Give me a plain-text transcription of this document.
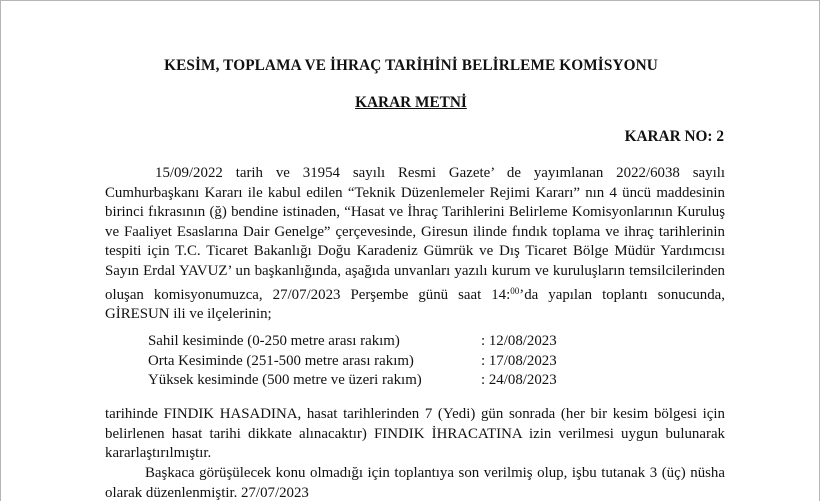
KESİM, TOPLAMA VE İHRAÇ TARİHİNİ BELİRLEME KOMİSYONU
KARAR METNİ
KARAR NO: 2
15/09/2022 tarih ve 31954 sayılı Resmi Gazete’ de yayımlanan 2022/6038 sayılı Cumhurbaşkanı Kararı ile kabul edilen “Teknik Düzenlemeler Rejimi Kararı” nın 4 üncü maddesinin birinci fıkrasının (ğ) bendine istinaden, “Hasat ve İhraç Tarihlerini Belirleme Komisyonlarının Kuruluş ve Faaliyet Esaslarına Dair Genelge” çerçevesinde, Giresun ilinde fındık toplama ve ihraç tarihlerinin tespiti için T.C. Ticaret Bakanlığı Doğu Karadeniz Gümrük ve Dış Ticaret Bölge Müdür Yardımcısı Sayın Erdal YAVUZ’ un başkanlığında, aşağıda unvanları yazılı kurum ve kuruluşların temsilcilerinden oluşan komisyonumuzca, 27/07/2023 Perşembe günü saat 14:$^{00}$’da yapılan toplantı sonucunda, GİRESUN ili ve ilçelerinin;
Sahil kesiminde (0-250 metre arası rakım)	: 12/08/2023
Orta Kesiminde (251-500 metre arası rakım)	: 17/08/2023
Yüksek kesiminde (500 metre ve üzeri rakım)	: 24/08/2023
tarihinde FINDIK HASADINA, hasat tarihlerinden 7 (Yedi) gün sonrada (her bir kesim bölgesi için belirlenen hasat tarihi dikkate alınacaktır) FINDIK İHRACATINA izin verilmesi uygun bulunarak kararlaştırılmıştır.
Başkaca görüşülecek konu olmadığı için toplantıya son verilmiş olup, işbu tutanak 3 (üç) nüsha olarak düzenlenmiştir. 27/07/2023
